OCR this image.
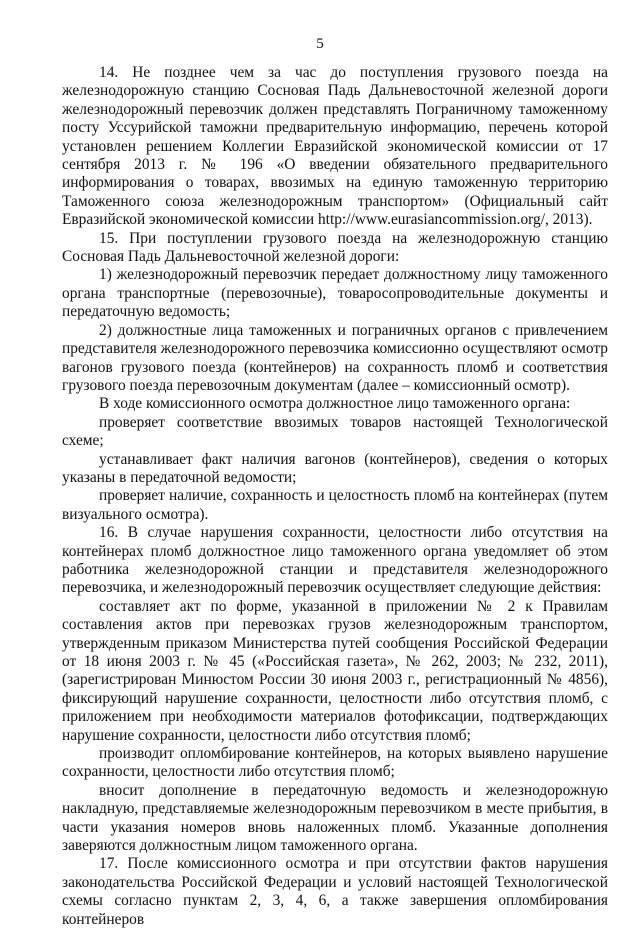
5

14. Не позднее чем за час до поступления грузового поезда на железнодорожную станцию Сосновая Падь Дальневосточной железной дороги железнодорожный перевозчик должен представлять Пограничному таможенному посту Уссурийской таможни предварительную информацию, перечень которой установлен решением Коллегии Евразийской экономической комиссии от 17 сентября 2013 г. № 196 «О введении обязательного предварительного информирования о товарах, ввозимых на единую таможенную территорию Таможенного союза железнодорожным транспортом» (Официальный сайт Евразийской экономической комиссии http://www.eurasiancommission.org/, 2013).

15. При поступлении грузового поезда на железнодорожную станцию Сосновая Падь Дальневосточной железной дороги:

1) железнодорожный перевозчик передает должностному лицу таможенного органа транспортные (перевозочные), товаросопроводительные документы и передаточную ведомость;

2) должностные лица таможенных и пограничных органов с привлечением представителя железнодорожного перевозчика комиссионно осуществляют осмотр вагонов грузового поезда (контейнеров) на сохранность пломб и соответствия грузового поезда перевозочным документам (далее – комиссионный осмотр).

В ходе комиссионного осмотра должностное лицо таможенного органа:

проверяет соответствие ввозимых товаров настоящей Технологической схеме;

устанавливает факт наличия вагонов (контейнеров), сведения о которых указаны в передаточной ведомости;

проверяет наличие, сохранность и целостность пломб на контейнерах (путем визуального осмотра).

16. В случае нарушения сохранности, целостности либо отсутствия на контейнерах пломб должностное лицо таможенного органа уведомляет об этом работника железнодорожной станции и представителя железнодорожного перевозчика, и железнодорожный перевозчик осуществляет следующие действия:

составляет акт по форме, указанной в приложении № 2 к Правилам составления актов при перевозках грузов железнодорожным транспортом, утвержденным приказом Министерства путей сообщения Российской Федерации от 18 июня 2003 г. № 45 («Российская газета», № 262, 2003; № 232, 2011), (зарегистрирован Минюстом России 30 июня 2003 г., регистрационный № 4856), фиксирующий нарушение сохранности, целостности либо отсутствия пломб, с приложением при необходимости материалов фотофиксации, подтверждающих нарушение сохранности, целостности либо отсутствия пломб;

производит опломбирование контейнеров, на которых выявлено нарушение сохранности, целостности либо отсутствия пломб;

вносит дополнение в передаточную ведомость и железнодорожную накладную, представляемые железнодорожным перевозчиком в месте прибытия, в части указания номеров вновь наложенных пломб. Указанные дополнения заверяются должностным лицом таможенного органа.

17. После комиссионного осмотра и при отсутствии фактов нарушения законодательства Российской Федерации и условий настоящей Технологической схемы согласно пунктам 2, 3, 4, 6, а также завершения опломбирования контейнеров
